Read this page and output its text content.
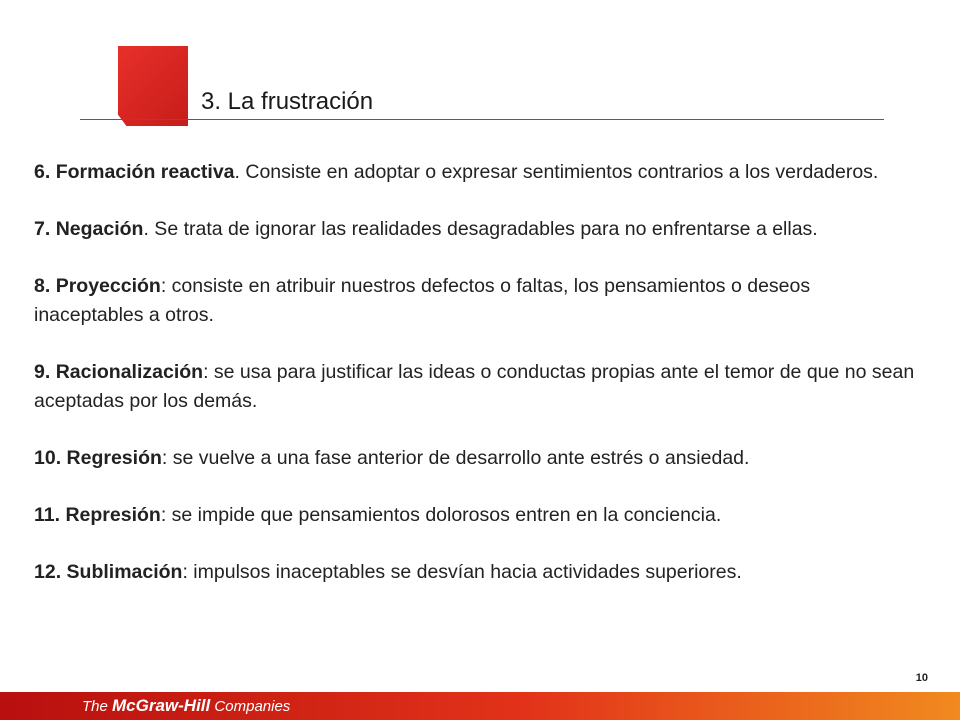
3. La frustración

6. Formación reactiva. Consiste en adoptar o expresar sentimientos contrarios a los verdaderos.

7. Negación. Se trata de ignorar las realidades desagradables para no enfrentarse a ellas.

8. Proyección: consiste en atribuir nuestros defectos o faltas, los pensamientos o deseos inaceptables a otros.

9. Racionalización: se usa para justificar las ideas o conductas propias ante el temor de que no sean aceptadas por los demás.

10. Regresión: se vuelve a una fase anterior de desarrollo ante estrés o ansiedad.

11. Represión: se impide que pensamientos dolorosos entren en la conciencia.

12. Sublimación: impulsos inaceptables se desvían hacia actividades superiores.

10
The McGraw-Hill Companies
